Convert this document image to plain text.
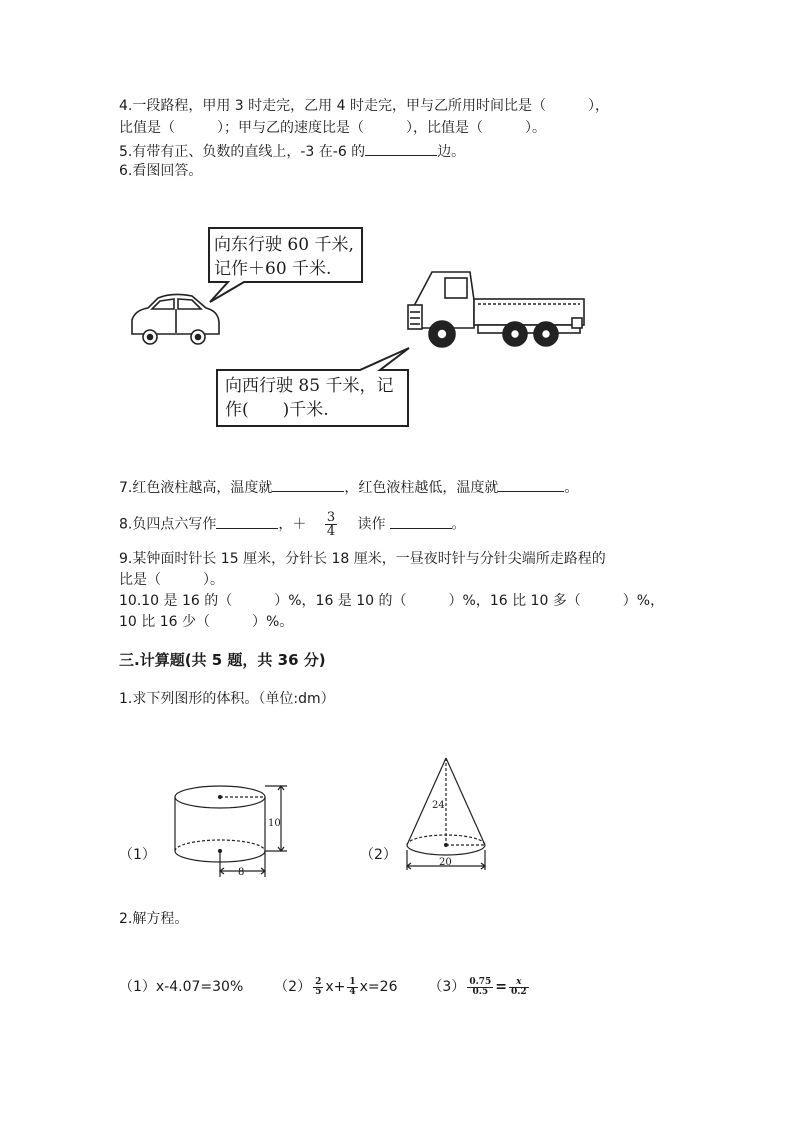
4.一段路程，甲用 3 时走完，乙用 4 时走完，甲与乙所用时间比是（　　　），
比值是（　　　）；甲与乙的速度比是（　　　），比值是（　　　）。
5.有带有正、负数的直线上，-3 在-6 的	边。
6.看图回答。
向东行驶 60 千米,
记作＋60 千米.
向西行驶 85 千米，记
作(　　)千米.
7.红色液柱越高，温度就	，红色液柱越低，温度就	。
8.负四点六写作	，＋ $\frac{3}{4}$ 读作	。
9.某钟面时针长 15 厘米，分针长 18 厘米，一昼夜时针与分针尖端所走路程的
比是（　　　）。
10.10 是 16 的（　　　）%，16 是 10 的（　　　）%，16 比 10 多（　　　）%，
10 比 16 少（　　　）%。
三.计算题(共 5 题，共 36 分)
1.求下列图形的体积。（单位:dm）
（1）	（2）
10
8
24
20
2.解方程。
（1）x-4.07=30% $(2) \frac{2}{5} x+ \frac{1}{4} x=26$ $(3) \frac{0.75}{0.5} = \frac{x}{0.2}$
